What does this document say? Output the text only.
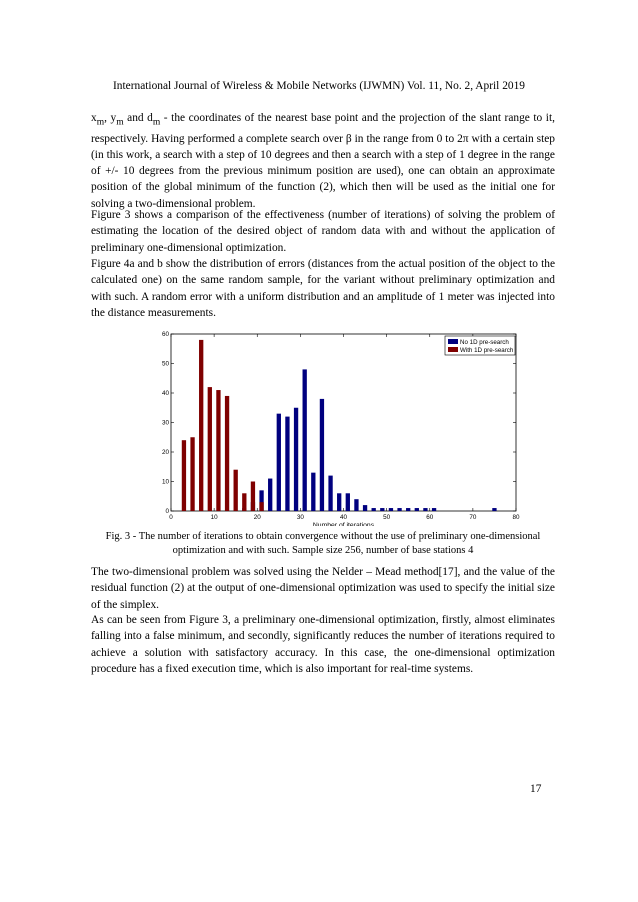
International Journal of Wireless & Mobile Networks (IJWMN) Vol. 11, No. 2, April 2019

$x_m$, $y_m$ and $d_m$ - the coordinates of the nearest base point and the projection of the slant range to it, respectively. Having performed a complete search over β in the range from 0 to 2π with a certain step (in this work, a search with a step of 10 degrees and then a search with a step of 1 degree in the range of +/- 10 degrees from the previous minimum position are used), one can obtain an approximate position of the global minimum of the function (2), which then will be used as the initial one for solving a two-dimensional problem.

Figure 3 shows a comparison of the effectiveness (number of iterations) of solving the problem of estimating the location of the desired object of random data with and without the application of preliminary one-dimensional optimization.

Figure 4a and b show the distribution of errors (distances from the actual position of the object to the calculated one) on the same random sample, for the variant without preliminary optimization and with such. A random error with a uniform distribution and an amplitude of 1 meter was injected into the distance measurements.

0	10	20	30	40	50	60	70	80
0
10
20
30
40
50
60
Number of iterations
No 1D pre-search
With 1D pre-search

Fig. 3 - The number of iterations to obtain convergence without the use of preliminary one-dimensional optimization and with such. Sample size 256, number of base stations 4

The two-dimensional problem was solved using the Nelder – Mead method[17], and the value of the residual function (2) at the output of one-dimensional optimization was used to specify the initial size of the simplex.

As can be seen from Figure 3, a preliminary one-dimensional optimization, firstly, almost eliminates falling into a false minimum, and secondly, significantly reduces the number of iterations required to achieve a solution with satisfactory accuracy. In this case, the one-dimensional optimization procedure has a fixed execution time, which is also important for real-time systems.

17
